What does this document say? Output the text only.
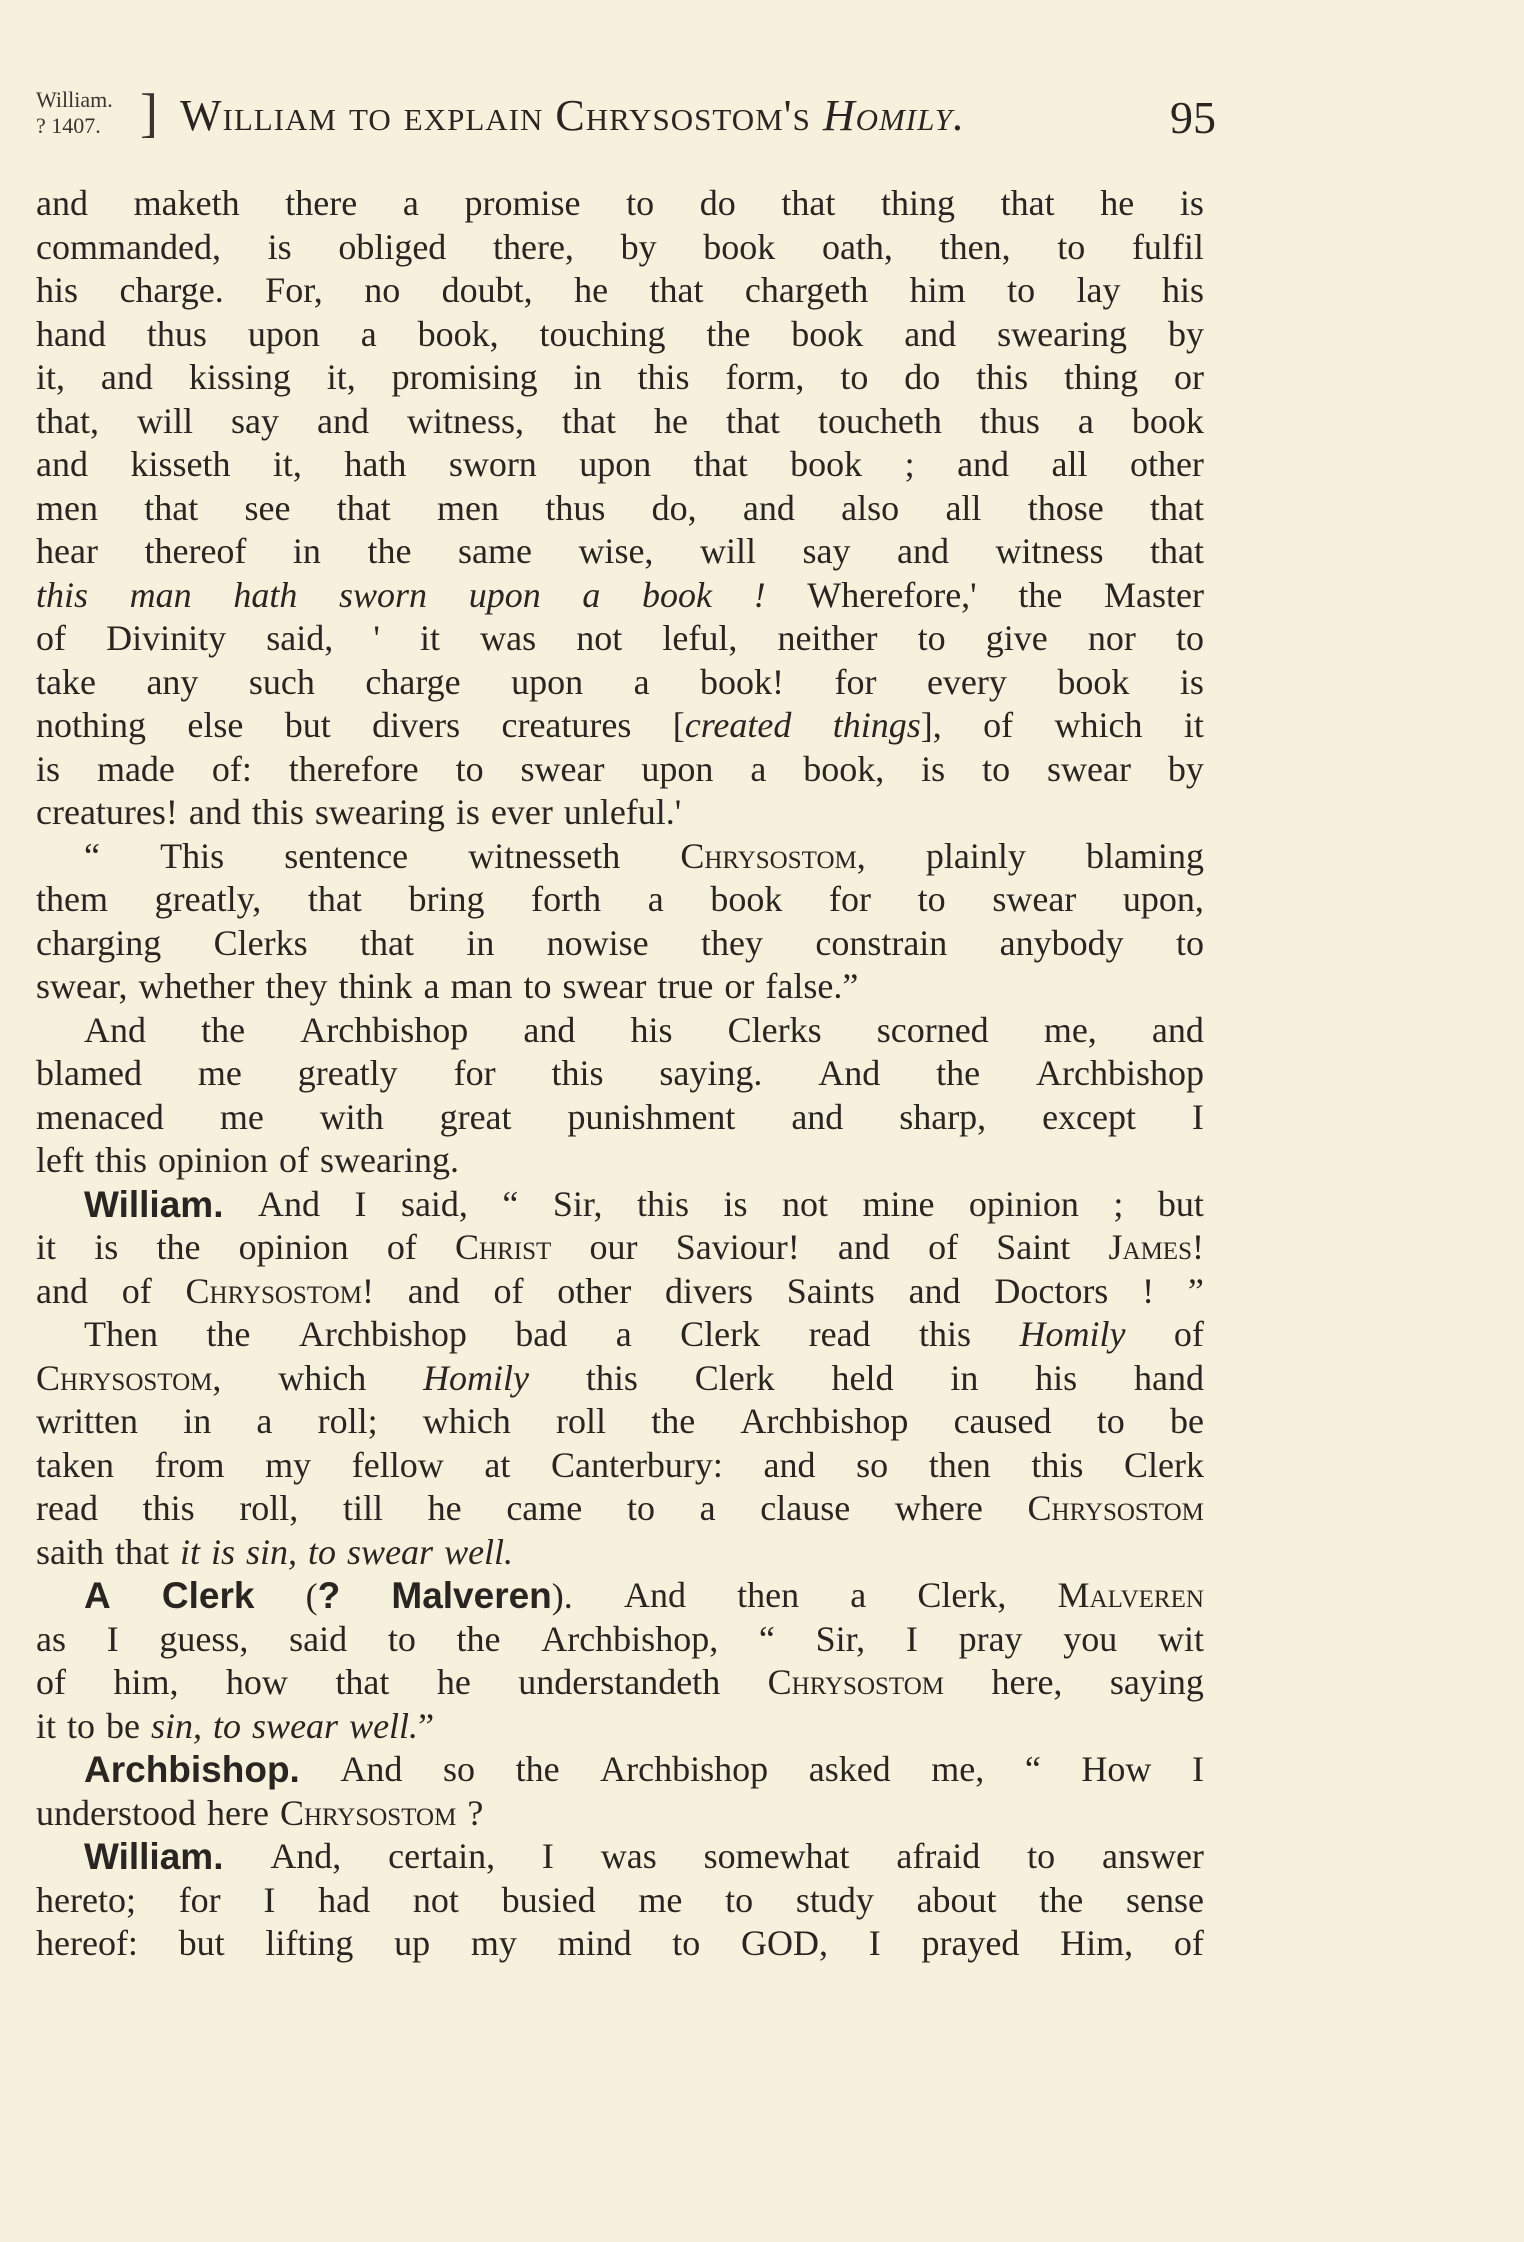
William.
? 1407. ] William to explain Chrysostom's Homily.	95
and maketh there a promise to do that thing that he is
commanded, is obliged there, by book oath, then, to fulfil
his charge. For, no doubt, he that chargeth him to lay his
hand thus upon a book, touching the book and swearing by
it, and kissing it, promising in this form, to do this thing or
that, will say and witness, that he that toucheth thus a book
and kisseth it, hath sworn upon that book ; and all other
men that see that men thus do, and also all those that
hear thereof in the same wise, will say and witness that
this man hath sworn upon a book ! Wherefore,' the Master
of Divinity said, ' it was not leful, neither to give nor to
take any such charge upon a book! for every book is
nothing else but divers creatures [created things], of which it
is made of: therefore to swear upon a book, is to swear by
creatures! and this swearing is ever unleful.'
“ This sentence witnesseth Chrysostom, plainly blaming
them greatly, that bring forth a book for to swear upon,
charging Clerks that in nowise they constrain anybody to
swear, whether they think a man to swear true or false.”
And the Archbishop and his Clerks scorned me, and
blamed me greatly for this saying. And the Archbishop
menaced me with great punishment and sharp, except I
left this opinion of swearing.
William. And I said, “ Sir, this is not mine opinion ; but
it is the opinion of Christ our Saviour! and of Saint James!
and of Chrysostom! and of other divers Saints and Doctors ! ”
Then the Archbishop bad a Clerk read this Homily of
Chrysostom, which Homily this Clerk held in his hand
written in a roll; which roll the Archbishop caused to be
taken from my fellow at Canterbury: and so then this Clerk
read this roll, till he came to a clause where Chrysostom
saith that it is sin, to swear well.
A Clerk (? Malveren). And then a Clerk, Malveren
as I guess, said to the Archbishop, “ Sir, I pray you wit
of him, how that he understandeth Chrysostom here, saying
it to be sin, to swear well.”
Archbishop. And so the Archbishop asked me, “ How I
understood here Chrysostom ?
William. And, certain, I was somewhat afraid to answer
hereto; for I had not busied me to study about the sense
hereof: but lifting up my mind to GOD, I prayed Him, of
